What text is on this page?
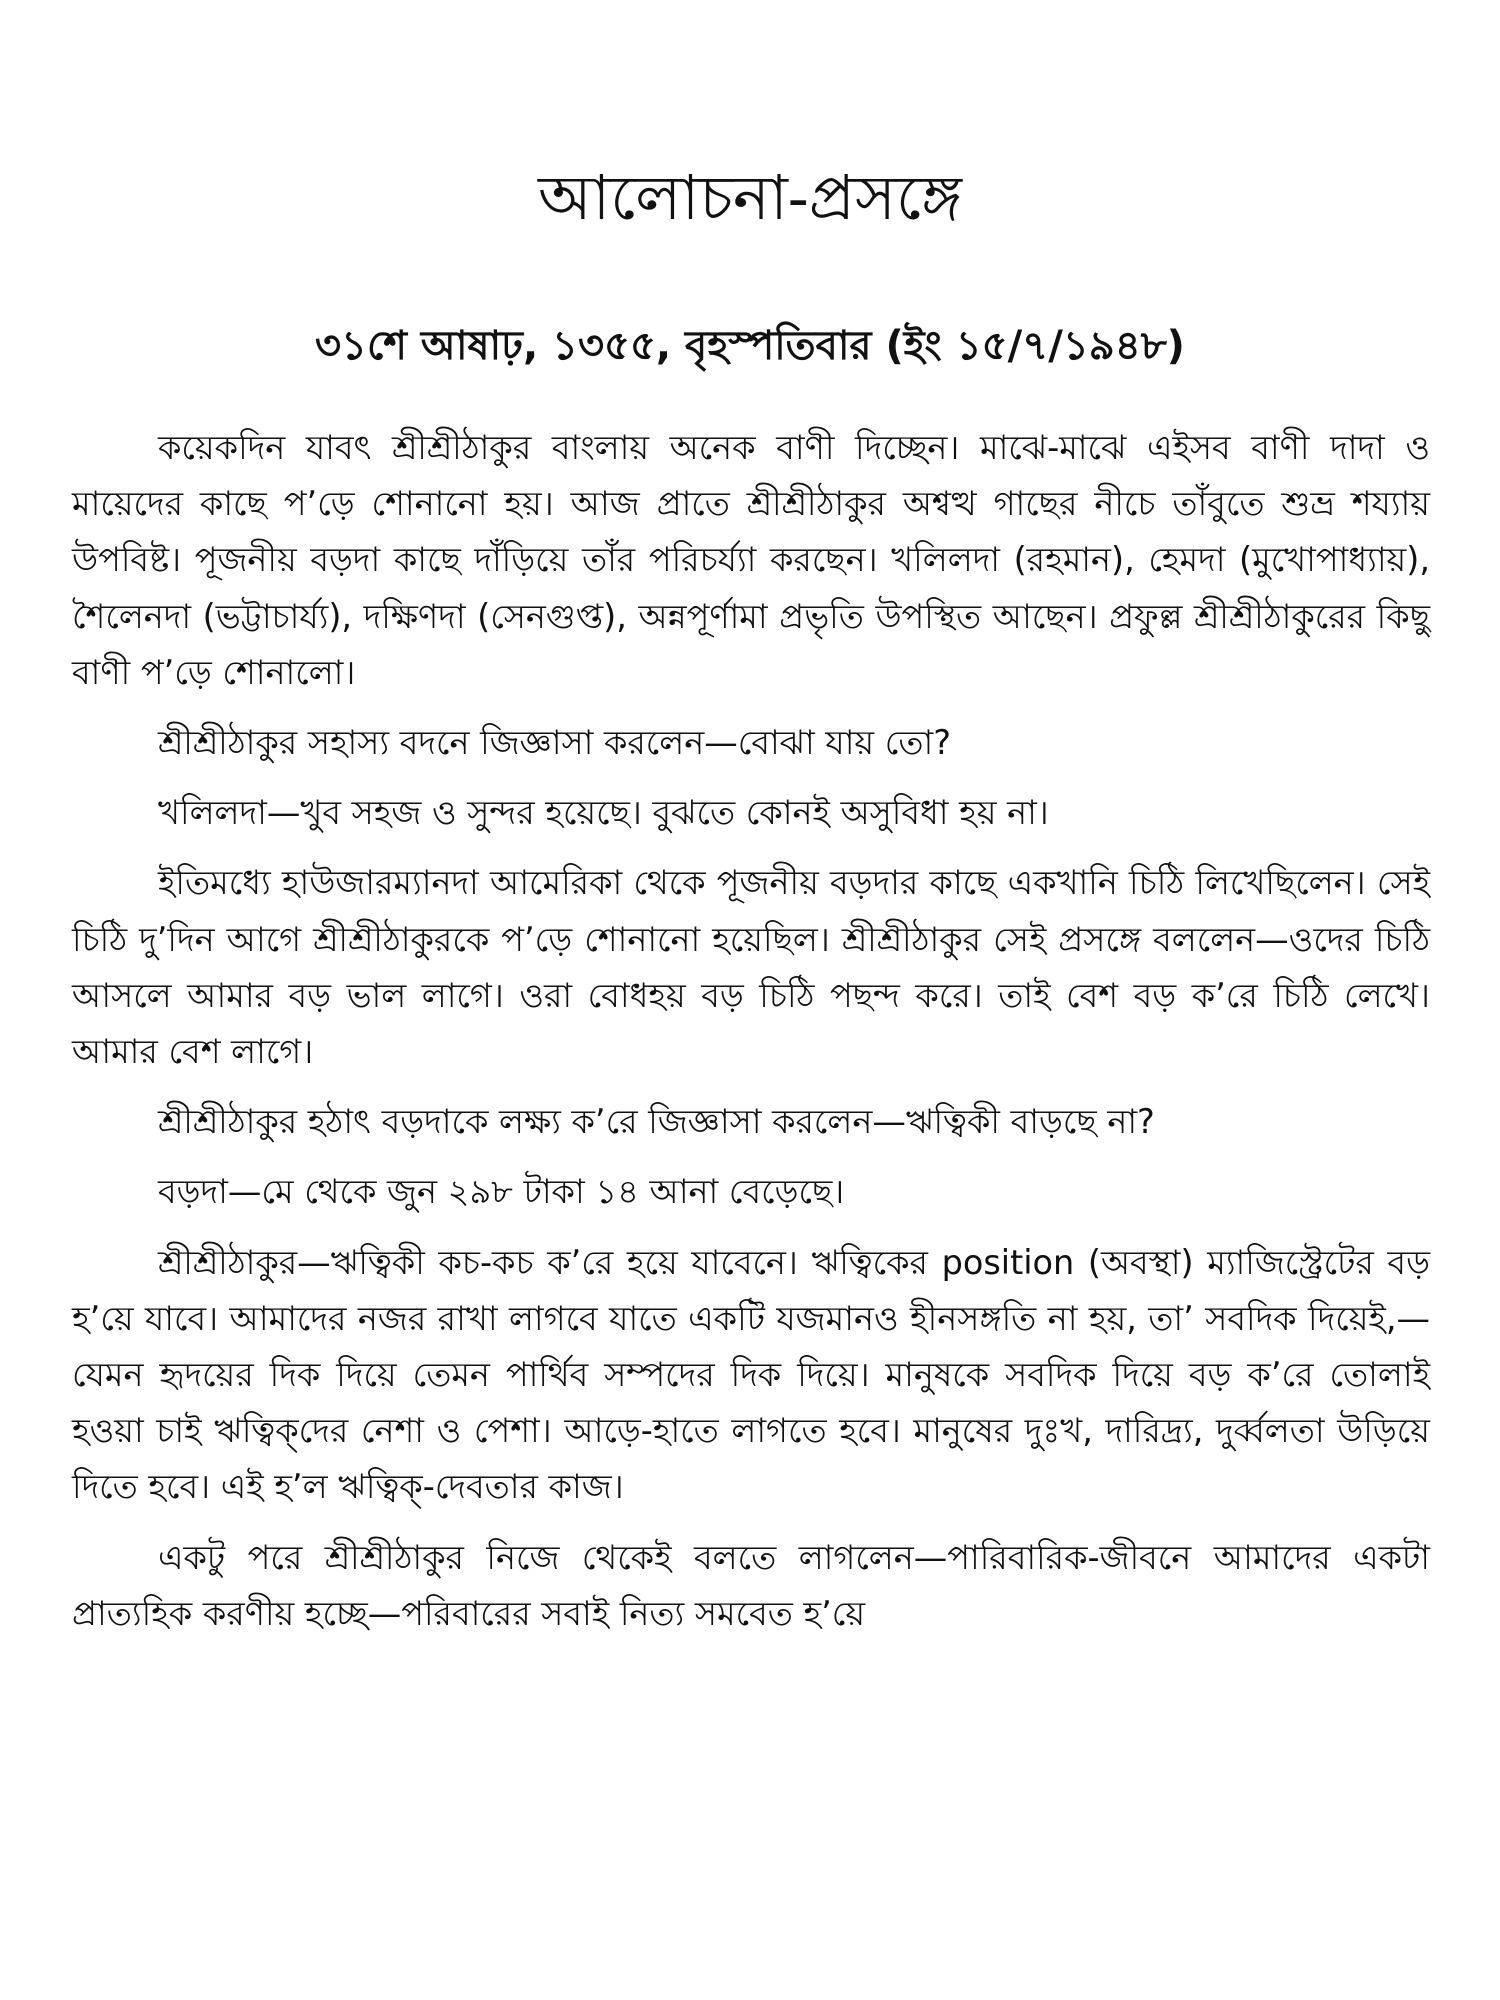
আলোচনা-প্রসঙ্গে
৩১শে আষাঢ়, ১৩৫৫, বৃহস্পতিবার (ইং ১৫/৭/১৯৪৮)

কয়েকদিন যাবৎ শ্রীশ্রীঠাকুর বাংলায় অনেক বাণী দিচ্ছেন। মাঝে-মাঝে এইসব বাণী দাদা ও মায়েদের কাছে প’ড়ে শোনানো হয়। আজ প্রাতে শ্রীশ্রীঠাকুর অশ্বত্থ গাছের নীচে তাঁবুতে শুভ্র শয্যায় উপবিষ্ট। পূজনীয় বড়দা কাছে দাঁড়িয়ে তাঁর পরিচর্য্যা করছেন। খলিলদা (রহমান), হেমদা (মুখোপাধ্যায়), শৈলেনদা (ভট্টাচার্য্য), দক্ষিণদা (সেনগুপ্ত), অন্নপূর্ণামা প্রভৃতি উপস্থিত আছেন। প্রফুল্ল শ্রীশ্রীঠাকুরের কিছু বাণী প’ড়ে শোনালো।

শ্রীশ্রীঠাকুর সহাস্য বদনে জিজ্ঞাসা করলেন—বোঝা যায় তো?

খলিলদা—খুব সহজ ও সুন্দর হয়েছে। বুঝতে কোনই অসুবিধা হয় না।

ইতিমধ্যে হাউজারম্যানদা আমেরিকা থেকে পূজনীয় বড়দার কাছে একখানি চিঠি লিখেছিলেন। সেই চিঠি দু’দিন আগে শ্রীশ্রীঠাকুরকে প’ড়ে শোনানো হয়েছিল। শ্রীশ্রীঠাকুর সেই প্রসঙ্গে বললেন—ওদের চিঠি আসলে আমার বড় ভাল লাগে। ওরা বোধহয় বড় চিঠি পছন্দ করে। তাই বেশ বড় ক’রে চিঠি লেখে। আমার বেশ লাগে।

শ্রীশ্রীঠাকুর হঠাৎ বড়দাকে লক্ষ্য ক’রে জিজ্ঞাসা করলেন—ঋত্বিকী বাড়ছে না?

বড়দা—মে থেকে জুন ২৯৮ টাকা ১৪ আনা বেড়েছে।

শ্রীশ্রীঠাকুর—ঋত্বিকী কচ-কচ ক’রে হয়ে যাবেনে। ঋত্বিকের position (অবস্থা) ম্যাজিস্ট্রেটের বড় হ’য়ে যাবে। আমাদের নজর রাখা লাগবে যাতে একটি যজমানও হীনসঙ্গতি না হয়, তা’ সবদিক দিয়েই,—যেমন হৃদয়ের দিক দিয়ে তেমন পার্থিব সম্পদের দিক দিয়ে। মানুষকে সবদিক দিয়ে বড় ক’রে তোলাই হওয়া চাই ঋত্বিক্‌দের নেশা ও পেশা। আড়ে-হাতে লাগতে হবে। মানুষের দুঃখ, দারিদ্র্য, দুর্ব্বলতা উড়িয়ে দিতে হবে। এই হ’ল ঋত্বিক্‌-দেবতার কাজ।

একটু পরে শ্রীশ্রীঠাকুর নিজে থেকেই বলতে লাগলেন—পারিবারিক-জীবনে আমাদের একটা প্রাত্যহিক করণীয় হচ্ছে—পরিবারের সবাই নিত্য সমবেত হ’য়ে
